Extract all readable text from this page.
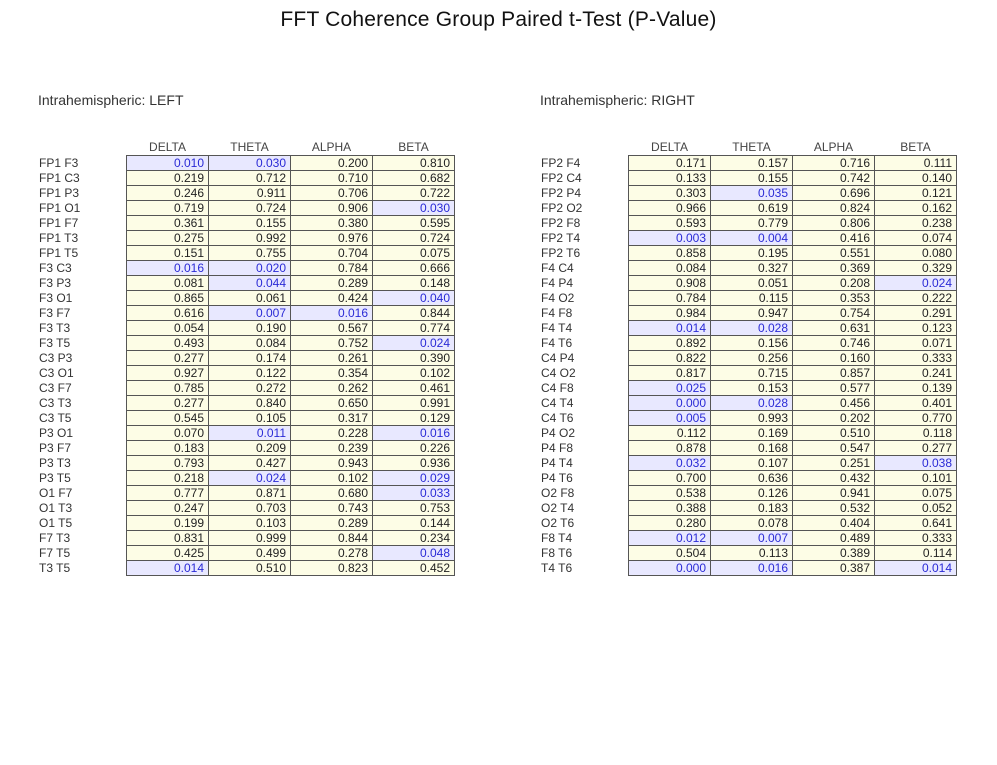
FFT Coherence Group Paired t-Test (P-Value)
Intrahemispheric: LEFT
	DELTA	THETA	ALPHA	BETA
FP1 F3	0.010	0.030	0.200	0.810
FP1 C3	0.219	0.712	0.710	0.682
FP1 P3	0.246	0.911	0.706	0.722
FP1 O1	0.719	0.724	0.906	0.030
FP1 F7	0.361	0.155	0.380	0.595
FP1 T3	0.275	0.992	0.976	0.724
FP1 T5	0.151	0.755	0.704	0.075
F3 C3	0.016	0.020	0.784	0.666
F3 P3	0.081	0.044	0.289	0.148
F3 O1	0.865	0.061	0.424	0.040
F3 F7	0.616	0.007	0.016	0.844
F3 T3	0.054	0.190	0.567	0.774
F3 T5	0.493	0.084	0.752	0.024
C3 P3	0.277	0.174	0.261	0.390
C3 O1	0.927	0.122	0.354	0.102
C3 F7	0.785	0.272	0.262	0.461
C3 T3	0.277	0.840	0.650	0.991
C3 T5	0.545	0.105	0.317	0.129
P3 O1	0.070	0.011	0.228	0.016
P3 F7	0.183	0.209	0.239	0.226
P3 T3	0.793	0.427	0.943	0.936
P3 T5	0.218	0.024	0.102	0.029
O1 F7	0.777	0.871	0.680	0.033
O1 T3	0.247	0.703	0.743	0.753
O1 T5	0.199	0.103	0.289	0.144
F7 T3	0.831	0.999	0.844	0.234
F7 T5	0.425	0.499	0.278	0.048
T3 T5	0.014	0.510	0.823	0.452
Intrahemispheric: RIGHT
	DELTA	THETA	ALPHA	BETA
FP2 F4	0.171	0.157	0.716	0.111
FP2 C4	0.133	0.155	0.742	0.140
FP2 P4	0.303	0.035	0.696	0.121
FP2 O2	0.966	0.619	0.824	0.162
FP2 F8	0.593	0.779	0.806	0.238
FP2 T4	0.003	0.004	0.416	0.074
FP2 T6	0.858	0.195	0.551	0.080
F4 C4	0.084	0.327	0.369	0.329
F4 P4	0.908	0.051	0.208	0.024
F4 O2	0.784	0.115	0.353	0.222
F4 F8	0.984	0.947	0.754	0.291
F4 T4	0.014	0.028	0.631	0.123
F4 T6	0.892	0.156	0.746	0.071
C4 P4	0.822	0.256	0.160	0.333
C4 O2	0.817	0.715	0.857	0.241
C4 F8	0.025	0.153	0.577	0.139
C4 T4	0.000	0.028	0.456	0.401
C4 T6	0.005	0.993	0.202	0.770
P4 O2	0.112	0.169	0.510	0.118
P4 F8	0.878	0.168	0.547	0.277
P4 T4	0.032	0.107	0.251	0.038
P4 T6	0.700	0.636	0.432	0.101
O2 F8	0.538	0.126	0.941	0.075
O2 T4	0.388	0.183	0.532	0.052
O2 T6	0.280	0.078	0.404	0.641
F8 T4	0.012	0.007	0.489	0.333
F8 T6	0.504	0.113	0.389	0.114
T4 T6	0.000	0.016	0.387	0.014
